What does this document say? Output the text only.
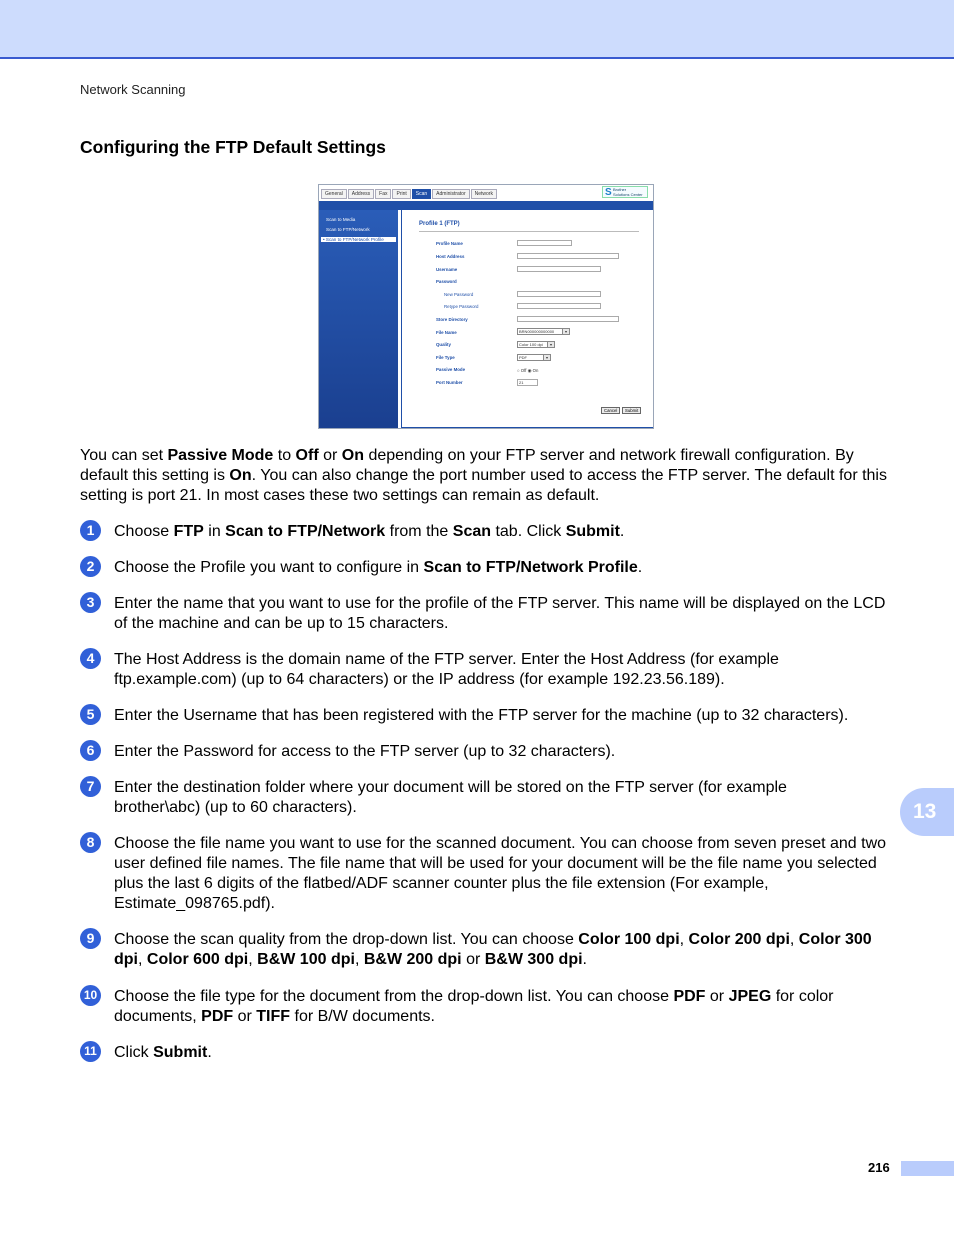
Network Scanning
Configuring the FTP Default Settings
General	Address	Fax	Print	Scan	Administrator	Network	S Brother
Solutions Center
Scan to Media
Scan to FTP/Network
• Scan to FTP/Network Profile
Profile 1 (FTP)
Profile Name
Host Address
Username
Password
New Password
Retype Password
Store Directory
File Name	BRN000000000000	▾
Quality	Color 100 dpi	▾
File Type	PDF	▾
Passive Mode	○ Off ◉ On
Port Number	21
Cancel	Submit
You can set Passive Mode to Off or On depending on your FTP server and network firewall configuration. By default this setting is On. You can also change the port number used to access the FTP server. The default for this setting is port 21. In most cases these two settings can remain as default.
1	Choose FTP in Scan to FTP/Network from the Scan tab. Click Submit.
2	Choose the Profile you want to configure in Scan to FTP/Network Profile.
3	Enter the name that you want to use for the profile of the FTP server. This name will be displayed on the LCD of the machine and can be up to 15 characters.
4	The Host Address is the domain name of the FTP server. Enter the Host Address (for example ftp.example.com) (up to 64 characters) or the IP address (for example 192.23.56.189).
5	Enter the Username that has been registered with the FTP server for the machine (up to 32 characters).
6	Enter the Password for access to the FTP server (up to 32 characters).
7	Enter the destination folder where your document will be stored on the FTP server (for example brother\abc) (up to 60 characters).
8	Choose the file name you want to use for the scanned document. You can choose from seven preset and two user defined file names. The file name that will be used for your document will be the file name you selected plus the last 6 digits of the flatbed/ADF scanner counter plus the file extension (For example, Estimate_098765.pdf).
9	Choose the scan quality from the drop-down list. You can choose Color 100 dpi, Color 200 dpi, Color 300 dpi, Color 600 dpi, B&W 100 dpi, B&W 200 dpi or B&W 300 dpi.
10 Choose the file type for the document from the drop-down list. You can choose PDF or JPEG for color documents, PDF or TIFF for B/W documents.
11 Click Submit.
13
216
